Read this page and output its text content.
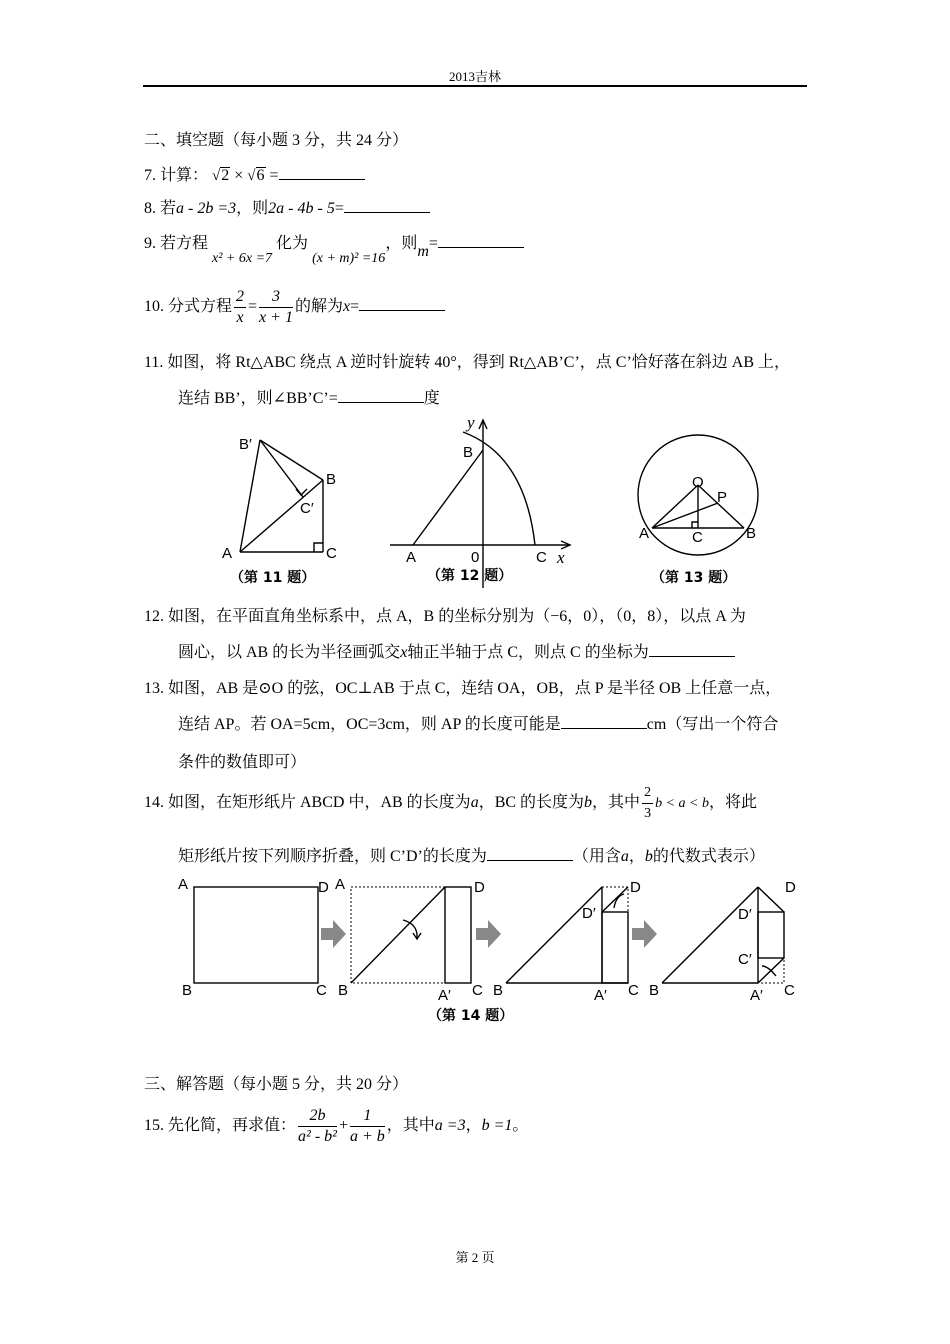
2013吉林
二、填空题（每小题 3 分，共 24 分）
7. 计算： √2 × √6 =
8. 若a - 2b =3，则2a - 4b - 5=
9. 若方程 x² + 6x =7 化为 (x + m)² =16，则m=
10. 分式方程 $\frac{2}{x} = \frac{3}{x + 1}$ 的解为x=
11. 如图，将 Rt△ABC 绕点 A 逆时针旋转 40°，得到 Rt△AB’C’，点 C’恰好落在斜边 AB 上，
连结 BB’，则∠BB’C’=	度
B′
B
C′
A	C
（第 11 题）
y
B
A	0	C x
（第 12 题）
O
P
A	C	B
（第 13 题）
12. 如图，在平面直角坐标系中，点 A，B 的坐标分别为（−6，0），（0，8），以点 A 为
圆心，以 AB 的长为半径画弧交x轴正半轴于点 C，则点 C 的坐标为
13. 如图，AB 是⊙O 的弦，OC⊥AB 于点 C，连结 OA，OB，点 P 是半径 OB 上任意一点，
连结 AP。若 OA=5cm，OC=3cm，则 AP 的长度可能是	cm（写出一个符合
条件的数值即可）
14. 如图，在矩形纸片 ABCD 中，AB 的长度为a，BC 的长度为b，其中 $\frac{2}{3}$ b < a < b，将此
矩形纸片按下列顺序折叠，则 C’D’的长度为	（用含a，b的代数式表示）
A	D
B	C
A	D
B	A′ C
D
D′
B	A′ C
D
D′
C′
B	A′ C
（第 14 题）
三、解答题（每小题 5 分，共 20 分）
15. 先化简，再求值： $\frac{2b}{\text{a² - b²}} + \frac{1}{a + b}$ ，其中a =3，b =1。
第 2 页
